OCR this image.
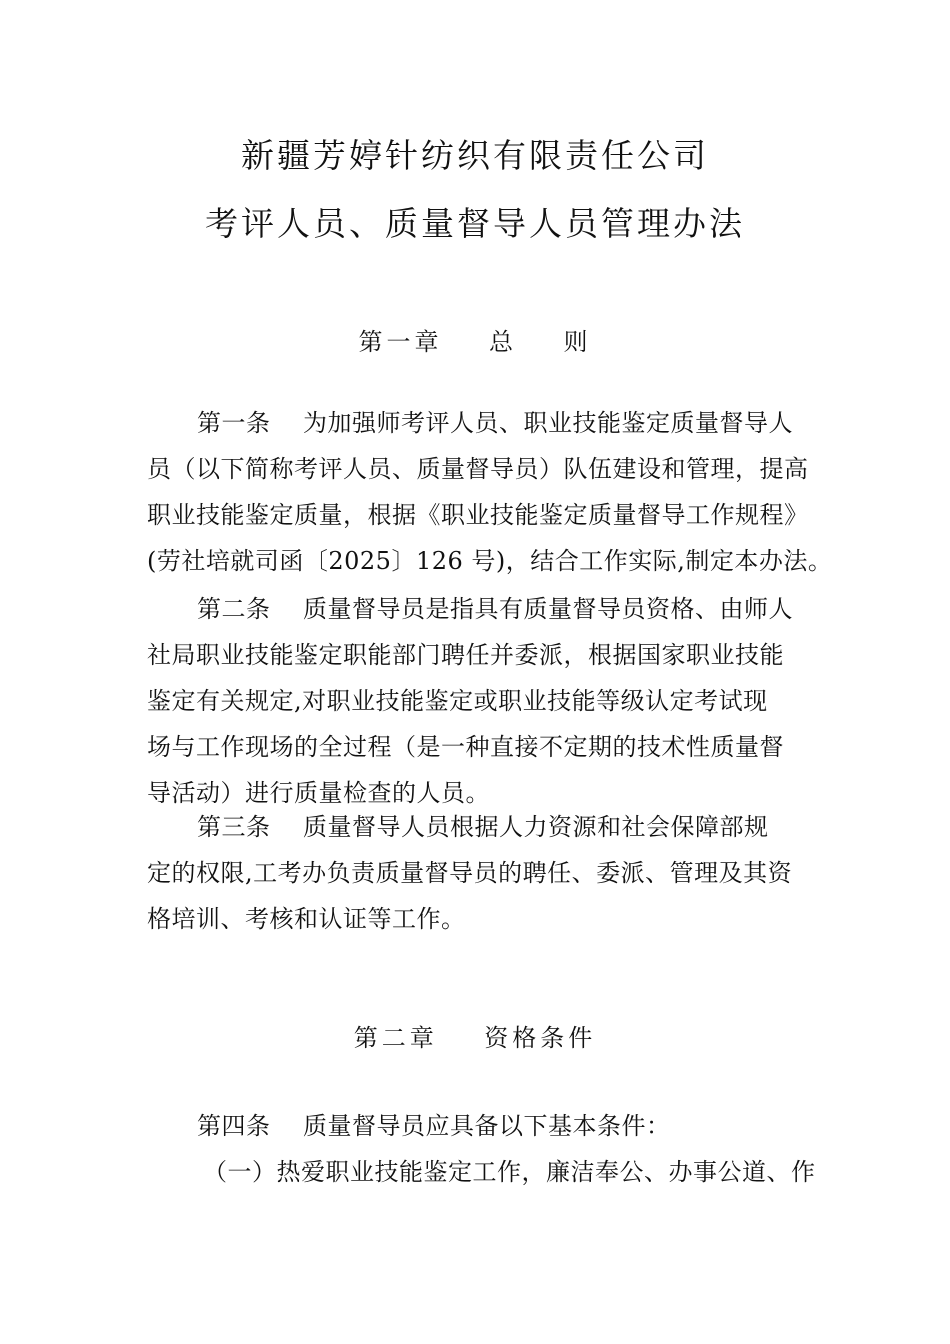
新疆芳婷针纺织有限责任公司
考评人员、质量督导人员管理办法
第一章    总    则
第一条    为加强师考评人员、职业技能鉴定质量督导人
员（以下简称考评人员、质量督导员）队伍建设和管理，提高
职业技能鉴定质量，根据《职业技能鉴定质量督导工作规程》
(劳社培就司函〔2025〕126 号)，结合工作实际,制定本办法。
第二条    质量督导员是指具有质量督导员资格、由师人
社局职业技能鉴定职能部门聘任并委派，根据国家职业技能
鉴定有关规定,对职业技能鉴定或职业技能等级认定考试现
场与工作现场的全过程（是一种直接不定期的技术性质量督
导活动）进行质量检查的人员。
第三条    质量督导人员根据人力资源和社会保障部规
定的权限,工考办负责质量督导员的聘任、委派、管理及其资
格培训、考核和认证等工作。
第二章    资格条件
第四条    质量督导员应具备以下基本条件：
（一）热爱职业技能鉴定工作，廉洁奉公、办事公道、作
